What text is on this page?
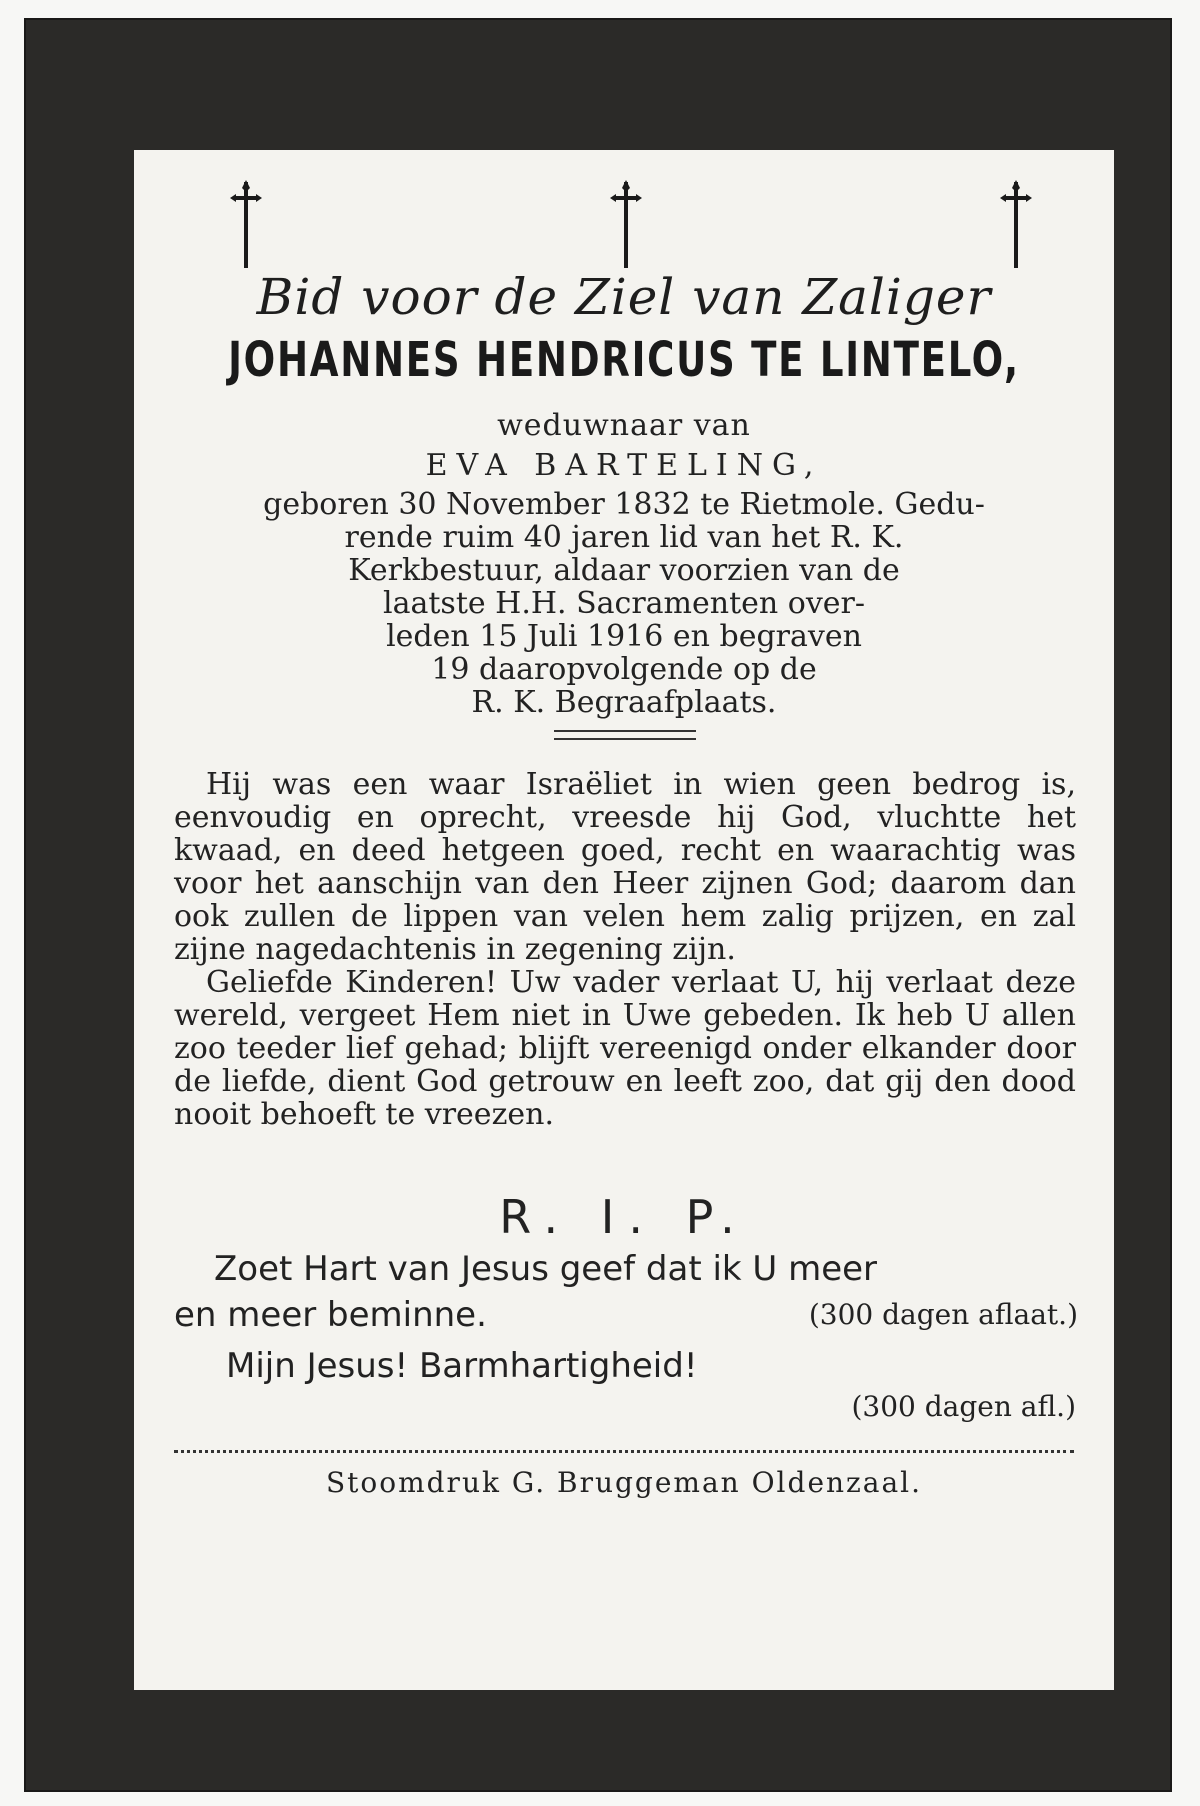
Bid voor de Ziel van Zaliger
JOHANNES HENDRICUS TE LINTELO,
weduwnaar van
EVA BARTELING,
geboren 30 November 1832 te Rietmole. Gedu-
rende ruim 40 jaren lid van het R. K.
Kerkbestuur, aldaar voorzien van de
laatste H.H. Sacramenten over-
leden 15 Juli 1916 en begraven
19 daaropvolgende op de
R. K. Begraafplaats.

Hij was een waar Israëliet in wien geen bedrog is, eenvoudig en oprecht, vreesde hij God, vluchtte het kwaad, en deed hetgeen goed, recht en waarachtig was voor het aanschijn van den Heer zijnen God; daarom dan ook zullen de lippen van velen hem zalig prijzen, en zal zijne nagedachtenis in zegening zijn.

Geliefde Kinderen! Uw vader verlaat U, hij verlaat deze wereld, vergeet Hem niet in Uwe gebeden. Ik heb U allen zoo teeder lief gehad; blijft vereenigd onder elkander door de liefde, dient God getrouw en leeft zoo, dat gij den dood nooit behoeft te vreezen.

R. I. P.
Zoet Hart van Jesus geef dat ik U meer
en meer beminne.	(300 dagen aflaat.)
Mijn Jesus! Barmhartigheid!
(300 dagen afl.)
Stoomdruk G. Bruggeman Oldenzaal.
